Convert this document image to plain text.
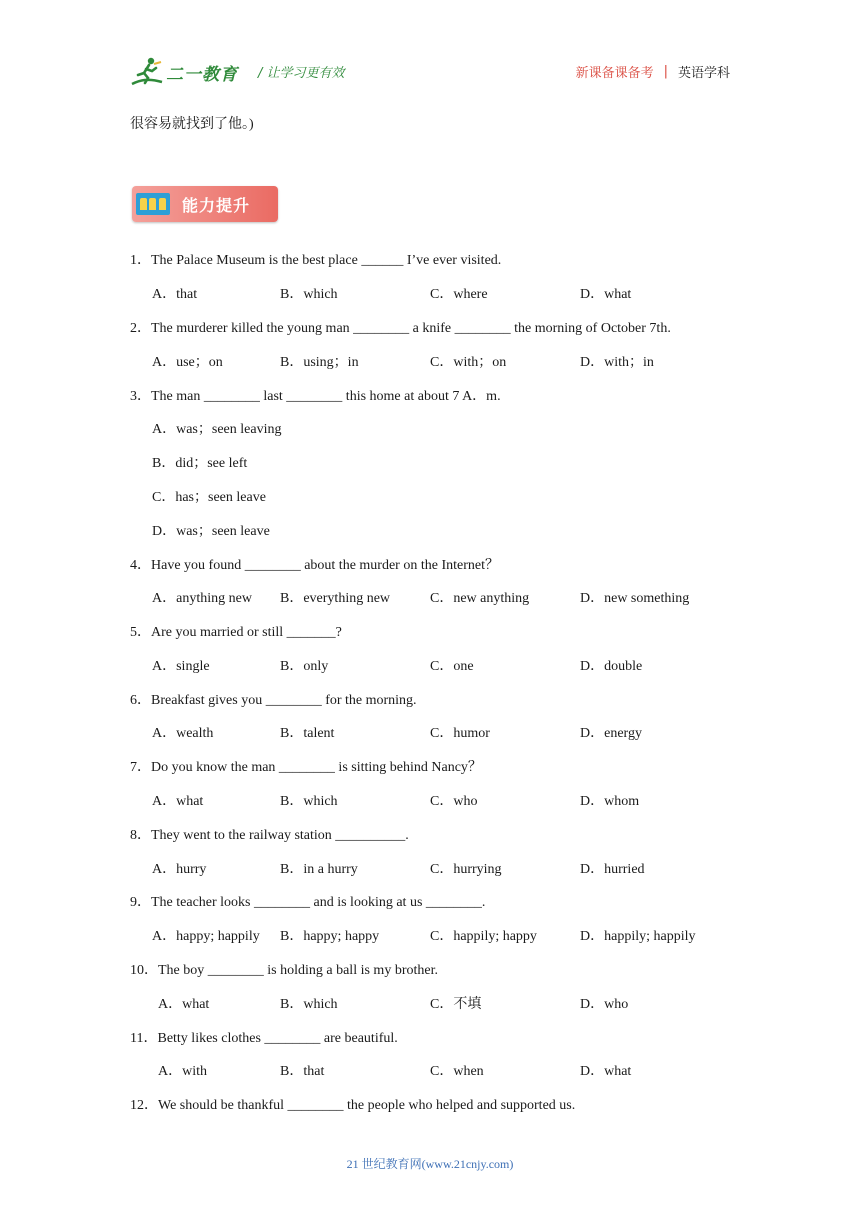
二一教育 / 让学习更有效	新课备课备考 | 英语学科
很容易就找到了他。)
能力提升
1．The Palace Museum is the best place ______ I’ve ever visited.
A．that	B．which	C．where	D．what
2．The murderer killed the young man ________ a knife ________ the morning of October 7th.
A．use；on	B．using；in	C．with；on	D．with；in
3．The man ________ last ________ this home at about 7 A．m.
A．was；seen leaving
B．did；see left
C．has；seen leave
D．was；seen leave
4．Have you found ________ about the murder on the Internet？
A．anything new B．everything new	C．new anything	D．new something
5．Are you married or still _______?
A．single	B．only	C．one	D．double
6．Breakfast gives you ________ for the morning.
A．wealth	B．talent	C．humor	D．energy
7．Do you know the man ________ is sitting behind Nancy？
A．what	B．which	C．who	D．whom
8．They went to the railway station __________.
A．hurry	B．in a hurry	C．hurrying	D．hurried
9．The teacher looks ________ and is looking at us ________.
A．happy; happily B．happy; happy	C．happily; happy	D．happily; happily
10．The boy ________ is holding a ball is my brother.
A．what	B．which	C．不填	D．who
11．Betty likes clothes ________ are beautiful.
A．with	B．that	C．when	D．what
12．We should be thankful ________ the people who helped and supported us.
21 世纪教育网(www.21cnjy.com)
